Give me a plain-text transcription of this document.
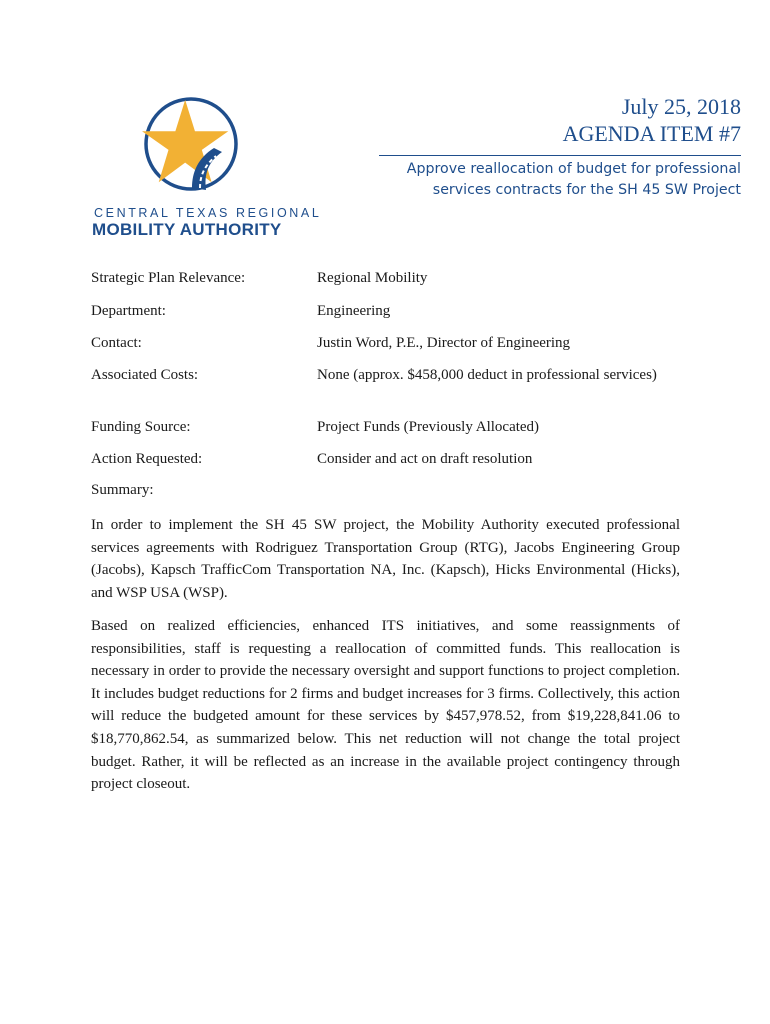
CENTRAL TEXAS REGIONAL
MOBILITY AUTHORITY
July 25, 2018
AGENDA ITEM #7
Approve reallocation of budget for professional
services contracts for the SH 45 SW Project
Strategic Plan Relevance:	Regional Mobility
Department:	Engineering
Contact:	Justin Word, P.E., Director of Engineering
Associated Costs:	None (approx. $458,000 deduct in professional services)
Funding Source:	Project Funds (Previously Allocated)
Action Requested:	Consider and act on draft resolution
Summary:
In order to implement the SH 45 SW project, the Mobility Authority executed professional services agreements with Rodriguez Transportation Group (RTG), Jacobs Engineering Group (Jacobs), Kapsch TrafficCom Transportation NA, Inc. (Kapsch), Hicks Environmental (Hicks), and WSP USA (WSP).
Based on realized efficiencies, enhanced ITS initiatives, and some reassignments of responsibilities, staff is requesting a reallocation of committed funds. This reallocation is necessary in order to provide the necessary oversight and support functions to project completion. It includes budget reductions for 2 firms and budget increases for 3 firms. Collectively, this action will reduce the budgeted amount for these services by $457,978.52, from $19,228,841.06 to $18,770,862.54, as summarized below. This net reduction will not change the total project budget. Rather, it will be reflected as an increase in the available project contingency through project closeout.
